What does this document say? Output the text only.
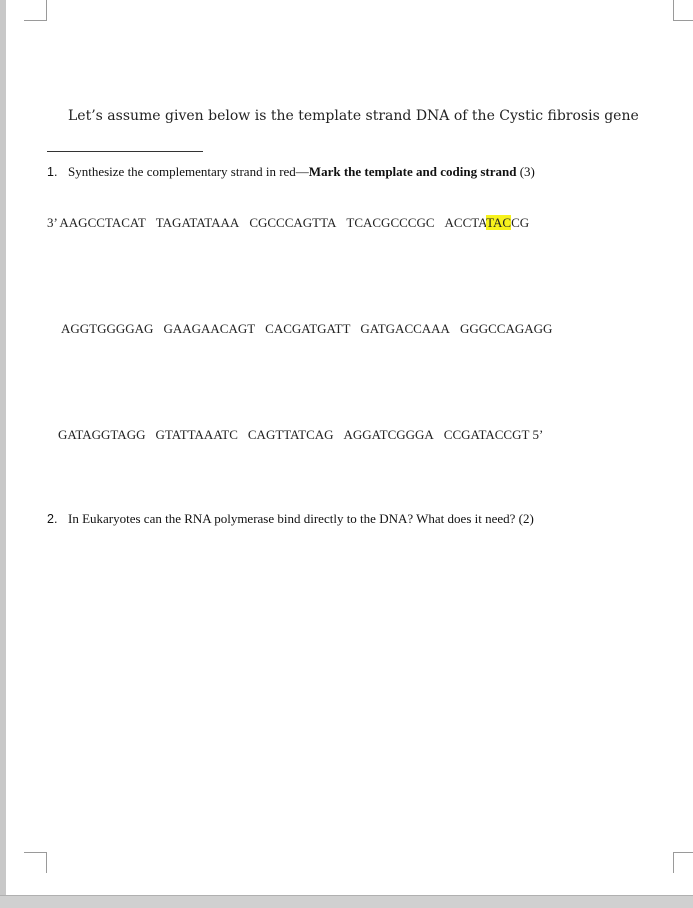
Let’s assume given below is the template strand DNA of the Cystic fibrosis gene
1. Synthesize the complementary strand in red—Mark the template and coding strand (3)
3’ AAGCCTACAT TAGATATAAA CGCCCAGTTA TCACGCCCGC ACCTATACCG
AGGTGGGGAG GAAGAACAGT CACGATGATT GATGACCAAA GGGCCAGAGG
GATAGGTAGG GTATTAAATC CAGTTATCAG AGGATCGGGA CCGATACCGT 5’
2. In Eukaryotes can the RNA polymerase bind directly to the DNA? What does it need? (2)
